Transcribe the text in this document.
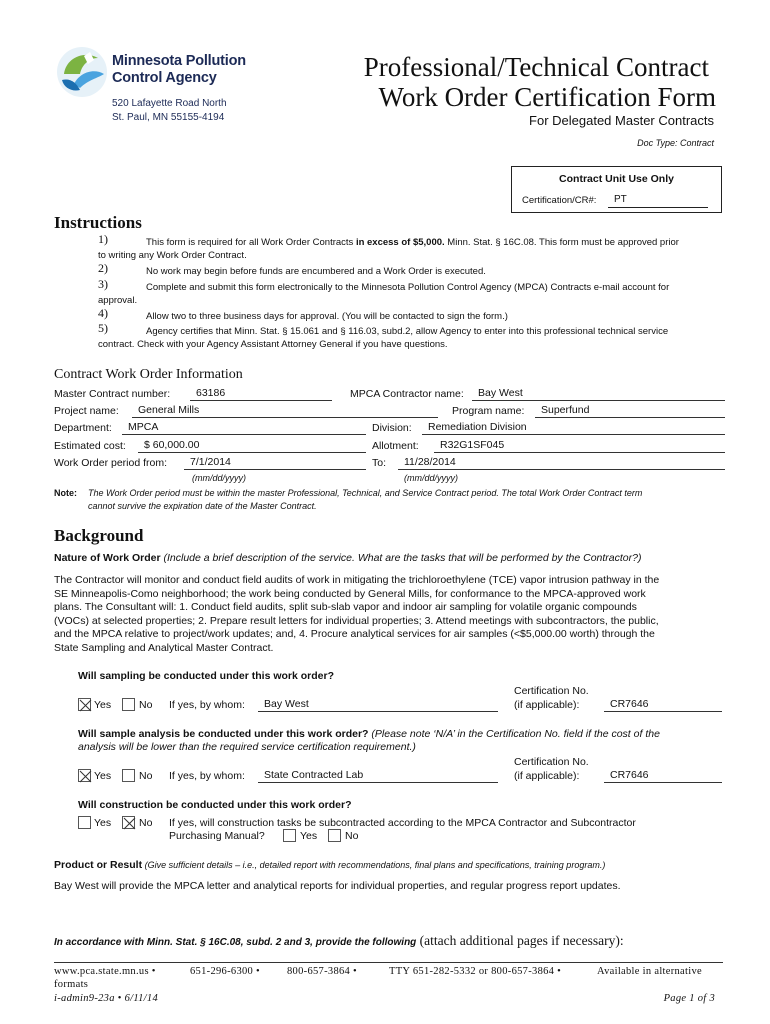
Minnesota Pollution
Control Agency
520 Lafayette Road North
St. Paul, MN 55155-4194
Professional/Technical Contract
Work Order Certification Form
For Delegated Master Contracts
Doc Type: Contract
Contract Unit Use Only
Certification/CR#:	PT
Instructions
1)	This form is required for all Work Order Contracts in excess of $5,000. Minn. Stat. § 16C.08. This form must be approved prior
to writing any Work Order Contract.
2)	No work may begin before funds are encumbered and a Work Order is executed.
3)	Complete and submit this form electronically to the Minnesota Pollution Control Agency (MPCA) Contracts e-mail account for
approval.
4)	Allow two to three business days for approval. (You will be contacted to sign the form.)
5)	Agency certifies that Minn. Stat. § 15.061 and § 116.03, subd.2, allow Agency to enter into this professional technical service
contract. Check with your Agency Assistant Attorney General if you have questions.
Contract Work Order Information
Master Contract number:	63186	MPCA Contractor name:	Bay West
Project name:	General Mills	Program name:	Superfund
Department:	MPCA	Division:	Remediation Division
Estimated cost:	$ 60,000.00	Allotment:	R32G1SF045
Work Order period from:	7/1/2014	To:	11/28/2014
(mm/dd/yyyy)	(mm/dd/yyyy)
Note: The Work Order period must be within the master Professional, Technical, and Service Contract period. The total Work Order Contract term
cannot survive the expiration date of the Master Contract.
Background
Nature of Work Order (Include a brief description of the service. What are the tasks that will be performed by the Contractor?)
The Contractor will monitor and conduct field audits of work in mitigating the trichloroethylene (TCE) vapor intrusion pathway in the
SE Minneapolis-Como neighborhood; the work being conducted by General Mills, for conformance to the MPCA-approved work
plans. The Consultant will: 1. Conduct field audits, split sub-slab vapor and indoor air sampling for volatile organic compounds
(VOCs) at selected properties; 2. Prepare result letters for individual properties; 3. Attend meetings with subcontractors, the public,
and the MPCA relative to project/work updates; and, 4. Procure analytical services for air samples (<$5,000.00 worth) through the
State Sampling and Analytical Master Contract.
Will sampling be conducted under this work order?
Yes	No If yes, by whom:	Bay West
Certification No.
(if applicable):	CR7646
Will sample analysis be conducted under this work order? (Please note ‘N/A’ in the Certification No. field if the cost of the
analysis will be lower than the required service certification requirement.)
Yes	No If yes, by whom:	State Contracted Lab
Certification No.
(if applicable):	CR7646
Will construction be conducted under this work order?
Yes	No If yes, will construction tasks be subcontracted according to the MPCA Contractor and Subcontractor
Purchasing Manual?	Yes	No
Product or Result (Give sufficient details – i.e., detailed report with recommendations, final plans and specifications, training program.)
Bay West will provide the MPCA letter and analytical reports for individual properties, and regular progress report updates.
In accordance with Minn. Stat. § 16C.08, subd. 2 and 3, provide the following (attach additional pages if necessary):
www.pca.state.mn.us •	651-296-6300 •	800-657-3864 •	TTY 651-282-5332 or 800-657-3864 •	Available in alternative
formats
i-admin9-23a • 6/11/14	Page 1 of 3
